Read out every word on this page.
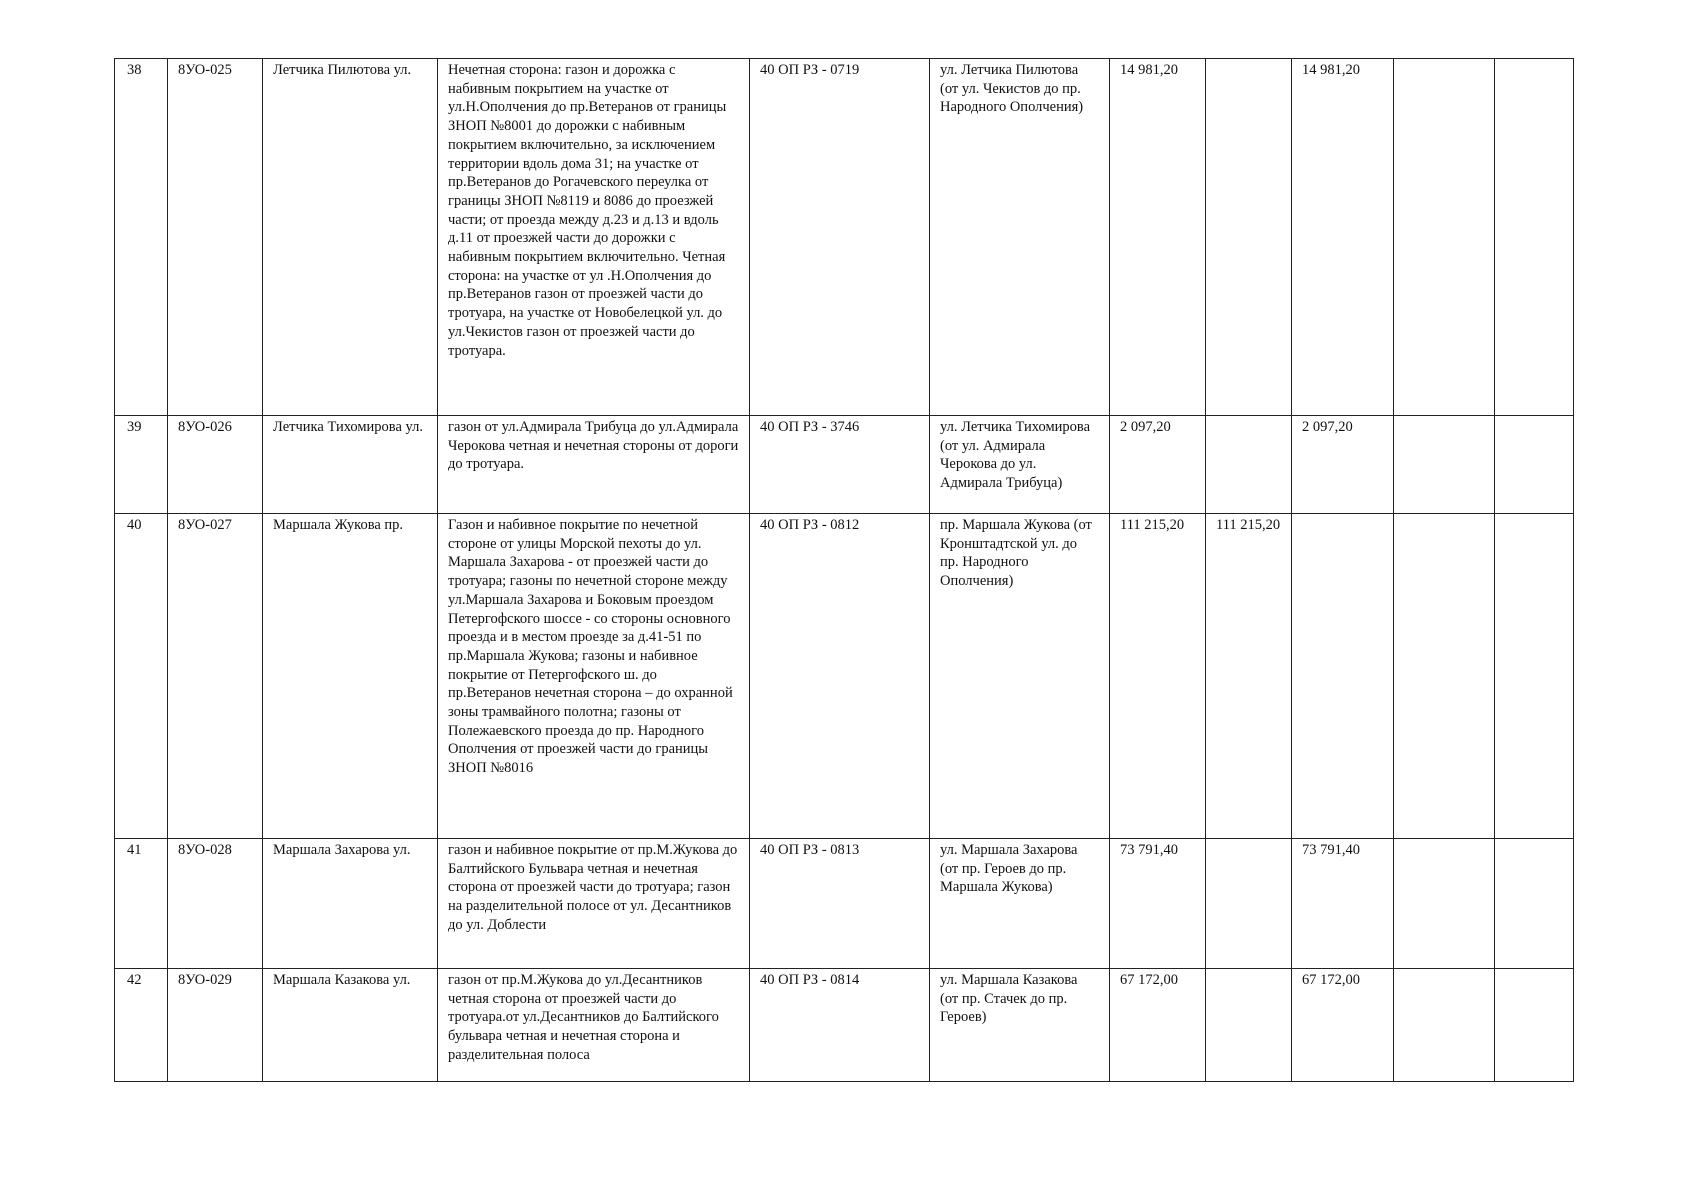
38	8УО-025	Летчика Пилютова ул.	Нечетная сторона: газон и дорожка с набивным покрытием на участке от ул.Н.Ополчения до пр.Ветеранов от границы ЗНОП №8001 до дорожки с набивным покрытием включительно, за исключением территории вдоль дома 31; на участке от пр.Ветеранов до Рогачевского переулка от границы ЗНОП №8119 и 8086 до проезжей части; от проезда между д.23 и д.13 и вдоль д.11 от проезжей части до дорожки с набивным покрытием включительно. Четная сторона: на участке от ул .Н.Ополчения до пр.Ветеранов газон от проезжей части до тротуара, на участке от Новобелецкой ул. до ул.Чекистов газон от проезжей части до тротуара.	40 ОП РЗ - 0719	ул. Летчика Пилютова (от ул. Чекистов до пр. Народного Ополчения)	14 981,20		14 981,20		
39	8УО-026	Летчика Тихомирова ул.	газон от ул.Адмирала Трибуца до ул.Адмирала Черокова четная и нечетная стороны от дороги до тротуара.	40 ОП РЗ - 3746	ул. Летчика Тихомирова (от ул. Адмирала Черокова до ул. Адмирала Трибуца)	2 097,20		2 097,20		
40	8УО-027	Маршала Жукова пр.	Газон и набивное покрытие по нечетной стороне от улицы Морской пехоты до ул. Маршала Захарова - от проезжей части до тротуара; газоны по нечетной стороне между ул.Маршала Захарова и Боковым проездом Петергофского шоссе - со стороны основного проезда и в местом проезде за д.41-51 по пр.Маршала Жукова; газоны и набивное покрытие от Петергофского ш. до пр.Ветеранов нечетная сторона – до охранной зоны трамвайного полотна; газоны от Полежаевского проезда до пр. Народного Ополчения от проезжей части до границы ЗНОП №8016	40 ОП РЗ - 0812	пр. Маршала Жукова (от Кронштадтской ул. до пр. Народного Ополчения)	111 215,20	111 215,20			
41	8УО-028	Маршала Захарова ул.	газон и набивное покрытие от пр.М.Жукова до Балтийского Бульвара четная и нечетная сторона от проезжей части до тротуара; газон на разделительной полосе от ул. Десантников до ул. Доблести	40 ОП РЗ - 0813	ул. Маршала Захарова (от пр. Героев до пр. Маршала Жукова)	73 791,40		73 791,40		
42	8УО-029	Маршала Казакова ул.	газон от пр.М.Жукова до ул.Десантников четная сторона от проезжей части до тротуара.от ул.Десантников до Балтийского бульвара четная и нечетная сторона и разделительная полоса	40 ОП РЗ - 0814	ул. Маршала Казакова (от пр. Стачек до пр. Героев)	67 172,00		67 172,00		
